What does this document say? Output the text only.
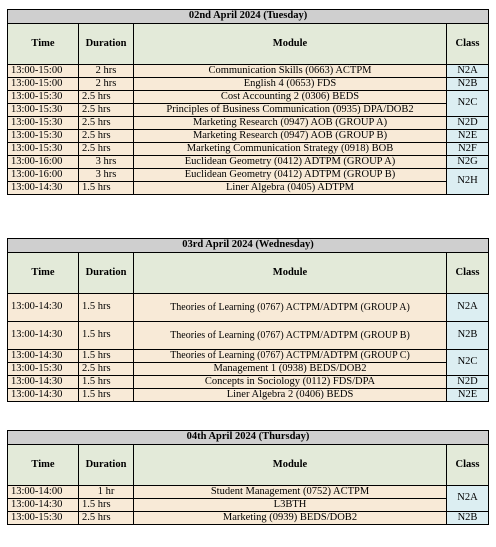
02nd April 2024 (Tuesday)			
Time	Duration	Module	Class
13:00-15:00	2 hrs	Communication Skills (0663) ACTPM	N2A
13:00-15:00	2 hrs	English 4 (0653) FDS	N2B
13:00-15:30	2.5 hrs	Cost Accounting 2 (0306) BEDS	N2C
13:00-15:30	2.5 hrs	Principles of Business Communication (0935) DPA/DOB2	
13:00-15:30	2.5 hrs	Marketing Research (0947) AOB (GROUP A)	N2D
13:00-15:30	2.5 hrs	Marketing Research (0947) AOB (GROUP B)	N2E
13:00-15:30	2.5 hrs	Marketing Communication Strategy (0918) BOB	N2F
13:00-16:00	3 hrs	Euclidean Geometry (0412) ADTPM (GROUP A)	N2G
13:00-16:00	3 hrs	Euclidean Geometry (0412) ADTPM (GROUP B)	N2H
13:00-14:30	1.5 hrs	Liner Algebra (0405) ADTPM	
03rd April 2024 (Wednesday)			
Time	Duration	Module	Class
13:00-14:30	1.5 hrs	Theories of Learning (0767) ACTPM/ADTPM (GROUP A)	N2A
13:00-14:30	1.5 hrs	Theories of Learning (0767) ACTPM/ADTPM (GROUP B)	N2B
13:00-14:30	1.5 hrs	Theories of Learning (0767) ACTPM/ADTPM (GROUP C)	N2C
13:00-15:30	2.5 hrs	Management 1 (0938) BEDS/DOB2	
13:00-14:30	1.5 hrs	Concepts in Sociology (0112) FDS/DPA	N2D
13:00-14:30	1.5 hrs	Liner Algebra 2 (0406) BEDS	N2E
04th April 2024 (Thursday)			
Time	Duration	Module	Class
13:00-14:00	1 hr	Student Management (0752) ACTPM	N2A
13:00-14:30	1.5 hrs	L3BTH	
13:00-15:30	2.5 hrs	Marketing (0939) BEDS/DOB2	N2B
